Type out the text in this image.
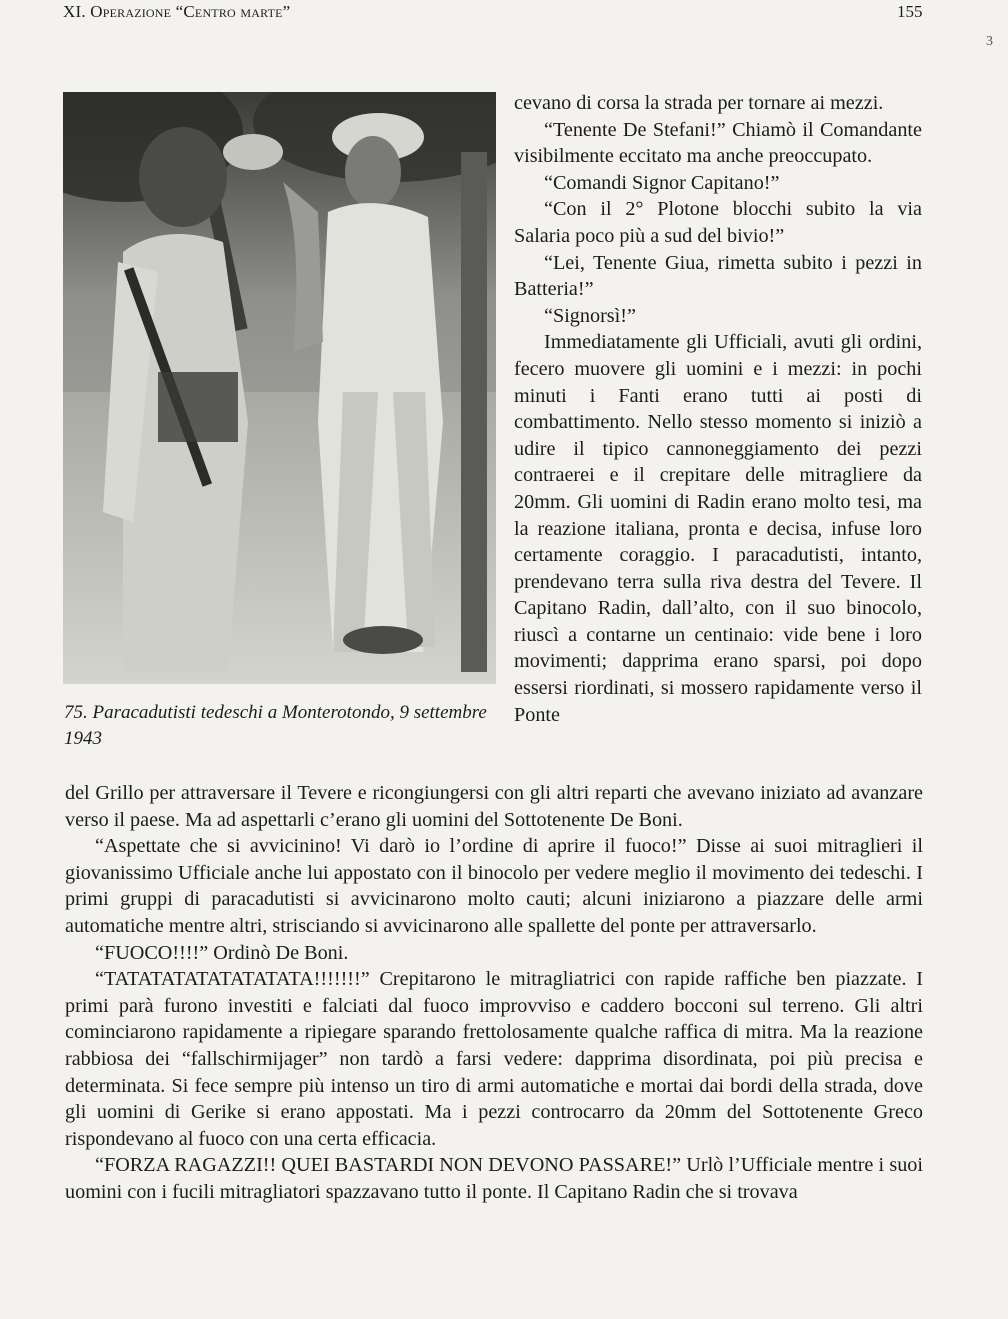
XI. Operazione “Centro marte”	155
3
75. Paracadutisti tedeschi a Monterotondo, 9 settembre 1943

cevano di corsa la strada per tornare ai mezzi.

“Tenente De Stefani!” Chiamò il Comandante visibilmente eccitato ma anche preoccupato.

“Comandi Signor Capitano!”

“Con il 2° Plotone blocchi subito la via Salaria poco più a sud del bivio!”

“Lei, Tenente Giua, rimetta subito i pezzi in Batteria!”

“Signorsì!”

Immediatamente gli Ufficiali, avuti gli ordini, fecero muovere gli uomini e i mezzi: in pochi minuti i Fanti erano tutti ai posti di combattimento. Nello stesso momento si iniziò a udire il tipico cannoneggiamento dei pezzi contraerei e il crepitare delle mitragliere da 20mm. Gli uomini di Radin erano molto tesi, ma la reazione italiana, pronta e decisa, infuse loro certamente coraggio. I paracadutisti, intanto, prendevano terra sulla riva destra del Tevere. Il Capitano Radin, dall’alto, con il suo binocolo, riuscì a contarne un centinaio: vide bene i loro movimenti; dapprima erano sparsi, poi dopo essersi riordinati, si mossero rapidamente verso il Ponte

del Grillo per attraversare il Tevere e ricongiungersi con gli altri reparti che avevano iniziato ad avanzare verso il paese. Ma ad aspettarli c’erano gli uomini del Sottotenente De Boni.

“Aspettate che si avvicinino! Vi darò io l’ordine di aprire il fuoco!” Disse ai suoi mitraglieri il giovanissimo Ufficiale anche lui appostato con il binocolo per vedere meglio il movimento dei tedeschi. I primi gruppi di paracadutisti si avvicinarono molto cauti; alcuni iniziarono a piazzare delle armi automatiche mentre altri, strisciando si avvicinarono alle spallette del ponte per attraversarlo.

“FUOCO!!!!” Ordinò De Boni.

“TATATATATATATATATA!!!!!!!” Crepitarono le mitragliatrici con rapide raffiche ben piazzate. I primi parà furono investiti e falciati dal fuoco improvviso e caddero bocconi sul terreno. Gli altri cominciarono rapidamente a ripiegare sparando frettolosamente qualche raffica di mitra. Ma la reazione rabbiosa dei “fallschirmijager” non tardò a farsi vedere: dapprima disordinata, poi più precisa e determinata. Si fece sempre più intenso un tiro di armi automatiche e mortai dai bordi della strada, dove gli uomini di Gerike si erano appostati. Ma i pezzi controcarro da 20mm del Sottotenente Greco rispondevano al fuoco con una certa efficacia.

“FORZA RAGAZZI!! QUEI BASTARDI NON DEVONO PASSARE!” Urlò l’Ufficiale mentre i suoi uomini con i fucili mitragliatori spazzavano tutto il ponte. Il Capitano Radin che si trovava
